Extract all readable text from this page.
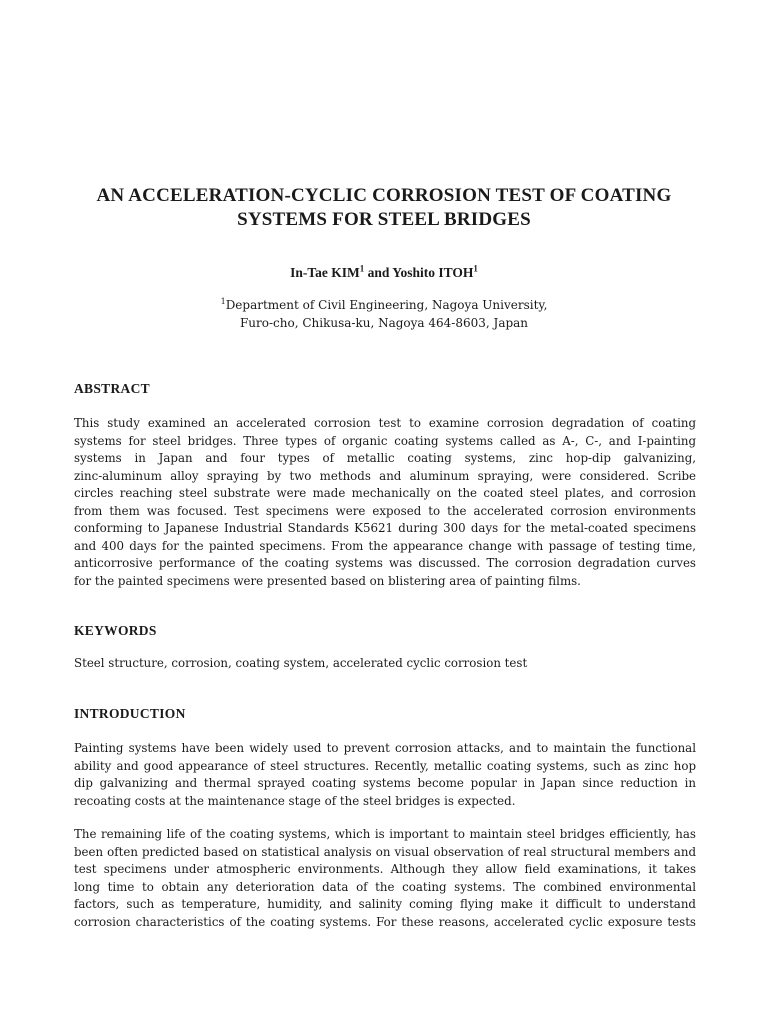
AN ACCELERATION-CYCLIC CORROSION TEST OF COATING
SYSTEMS FOR STEEL BRIDGES
In-Tae KIM$^1$ and Yoshito ITOH$^1$
$^1$Department of Civil Engineering, Nagoya University,
Furo-cho, Chikusa-ku, Nagoya 464-8603, Japan
ABSTRACT
This study examined an accelerated corrosion test to examine corrosion degradation of coating
systems for steel bridges. Three types of organic coating systems called as A-, C-, and I-painting
systems in Japan and four types of metallic coating systems, zinc hop-dip galvanizing,
zinc-aluminum alloy spraying by two methods and aluminum spraying, were considered. Scribe
circles reaching steel substrate were made mechanically on the coated steel plates, and corrosion
from them was focused. Test specimens were exposed to the accelerated corrosion environments
conforming to Japanese Industrial Standards K5621 during 300 days for the metal-coated specimens
and 400 days for the painted specimens. From the appearance change with passage of testing time,
anticorrosive performance of the coating systems was discussed. The corrosion degradation curves
for the painted specimens were presented based on blistering area of painting films.
KEYWORDS
Steel structure, corrosion, coating system, accelerated cyclic corrosion test
INTRODUCTION
Painting systems have been widely used to prevent corrosion attacks, and to maintain the functional
ability and good appearance of steel structures. Recently, metallic coating systems, such as zinc hop
dip galvanizing and thermal sprayed coating systems become popular in Japan since reduction in
recoating costs at the maintenance stage of the steel bridges is expected.
The remaining life of the coating systems, which is important to maintain steel bridges efficiently, has
been often predicted based on statistical analysis on visual observation of real structural members and
test specimens under atmospheric environments. Although they allow field examinations, it takes
long time to obtain any deterioration data of the coating systems. The combined environmental
factors, such as temperature, humidity, and salinity coming flying make it difficult to understand
corrosion characteristics of the coating systems. For these reasons, accelerated cyclic exposure tests
